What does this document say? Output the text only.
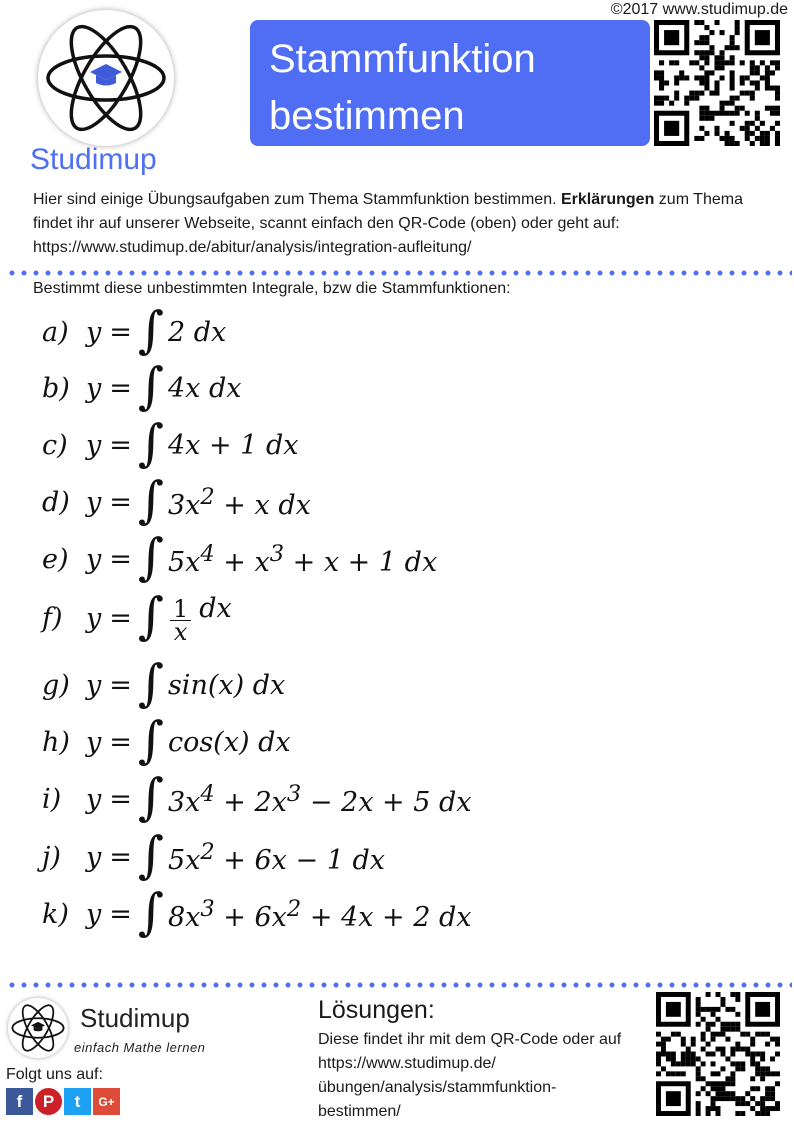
©2017 www.studimup.de
Studimup
Stammfunktion
bestimmen
Hier sind einige Übungsaufgaben zum Thema Stammfunktion bestimmen. Erklärungen zum Thema findet ihr auf unserer Webseite, scannt einfach den QR-Code (oben) oder geht auf:
https://www.studimup.de/abitur/analysis/integration-aufleitung/
Bestimmt diese unbestimmten Integrale, bzw die Stammfunktionen:
a) y = ∫ 2 dx
b) y = ∫ 4x dx
c) y = ∫ 4x + 1 dx
d) y = ∫ $3x^2 + x$ dx
e) y = ∫ $5x^4 + x^3 + x + 1$ dx
f) y = ∫ $\frac{1}{x}$ dx
g) y = ∫ sin(x) dx
h) y = ∫ cos(x) dx
i) y = ∫ $3x^4 + 2x^3 - 2x + 5$ dx
j) y = ∫ $5x^2 + 6x - 1$ dx
k) y = ∫ $8x^3 + 6x^2 + 4x + 2$ dx
Studimup
einfach Mathe lernen
Folgt uns auf:
f	P	t	G+
Lösungen:
Diese findet ihr mit dem QR-Code oder auf
https://www.studimup.de/
übungen/analysis/stammfunktion-
bestimmen/
